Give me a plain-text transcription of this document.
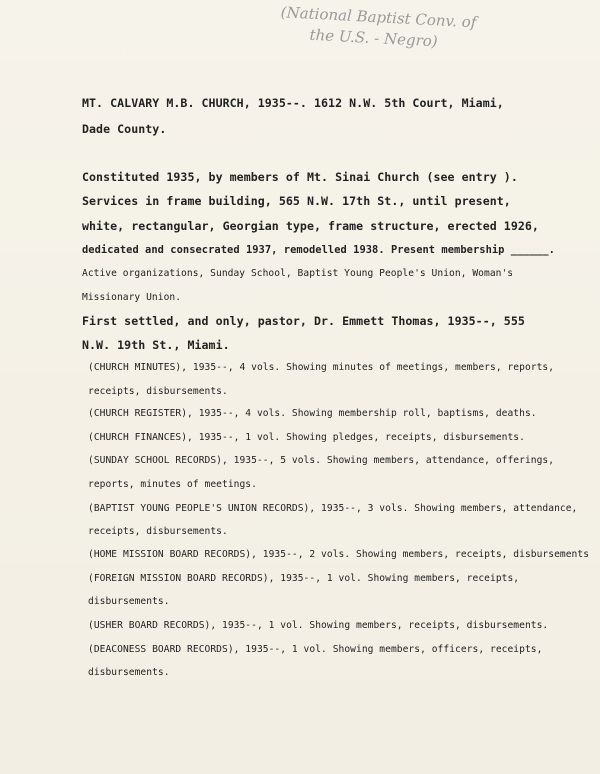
(National Baptist Conv. of
the U.S. - Negro)
MT. CALVARY M.B. CHURCH, 1935--. 1612 N.W. 5th Court, Miami,
Dade County.
Constituted 1935, by members of Mt. Sinai Church (see entry ).
Services in frame building, 565 N.W. 17th St., until present,
white, rectangular, Georgian type, frame structure, erected 1926,
dedicated and consecrated 1937, remodelled 1938. Present membership ______.
Active organizations, Sunday School, Baptist Young People's Union, Woman's
Missionary Union.
First settled, and only, pastor, Dr. Emmett Thomas, 1935--, 555
N.W. 19th St., Miami.
(CHURCH MINUTES), 1935--, 4 vols. Showing minutes of meetings, members, reports,
receipts, disbursements.
(CHURCH REGISTER), 1935--, 4 vols. Showing membership roll, baptisms, deaths.
(CHURCH FINANCES), 1935--, 1 vol. Showing pledges, receipts, disbursements.
(SUNDAY SCHOOL RECORDS), 1935--, 5 vols. Showing members, attendance, offerings,
reports, minutes of meetings.
(BAPTIST YOUNG PEOPLE'S UNION RECORDS), 1935--, 3 vols. Showing members, attendance,
receipts, disbursements.
(HOME MISSION BOARD RECORDS), 1935--, 2 vols. Showing members, receipts, disbursements
(FOREIGN MISSION BOARD RECORDS), 1935--, 1 vol. Showing members, receipts,
disbursements.
(USHER BOARD RECORDS), 1935--, 1 vol. Showing members, receipts, disbursements.
(DEACONESS BOARD RECORDS), 1935--, 1 vol. Showing members, officers, receipts,
disbursements.
